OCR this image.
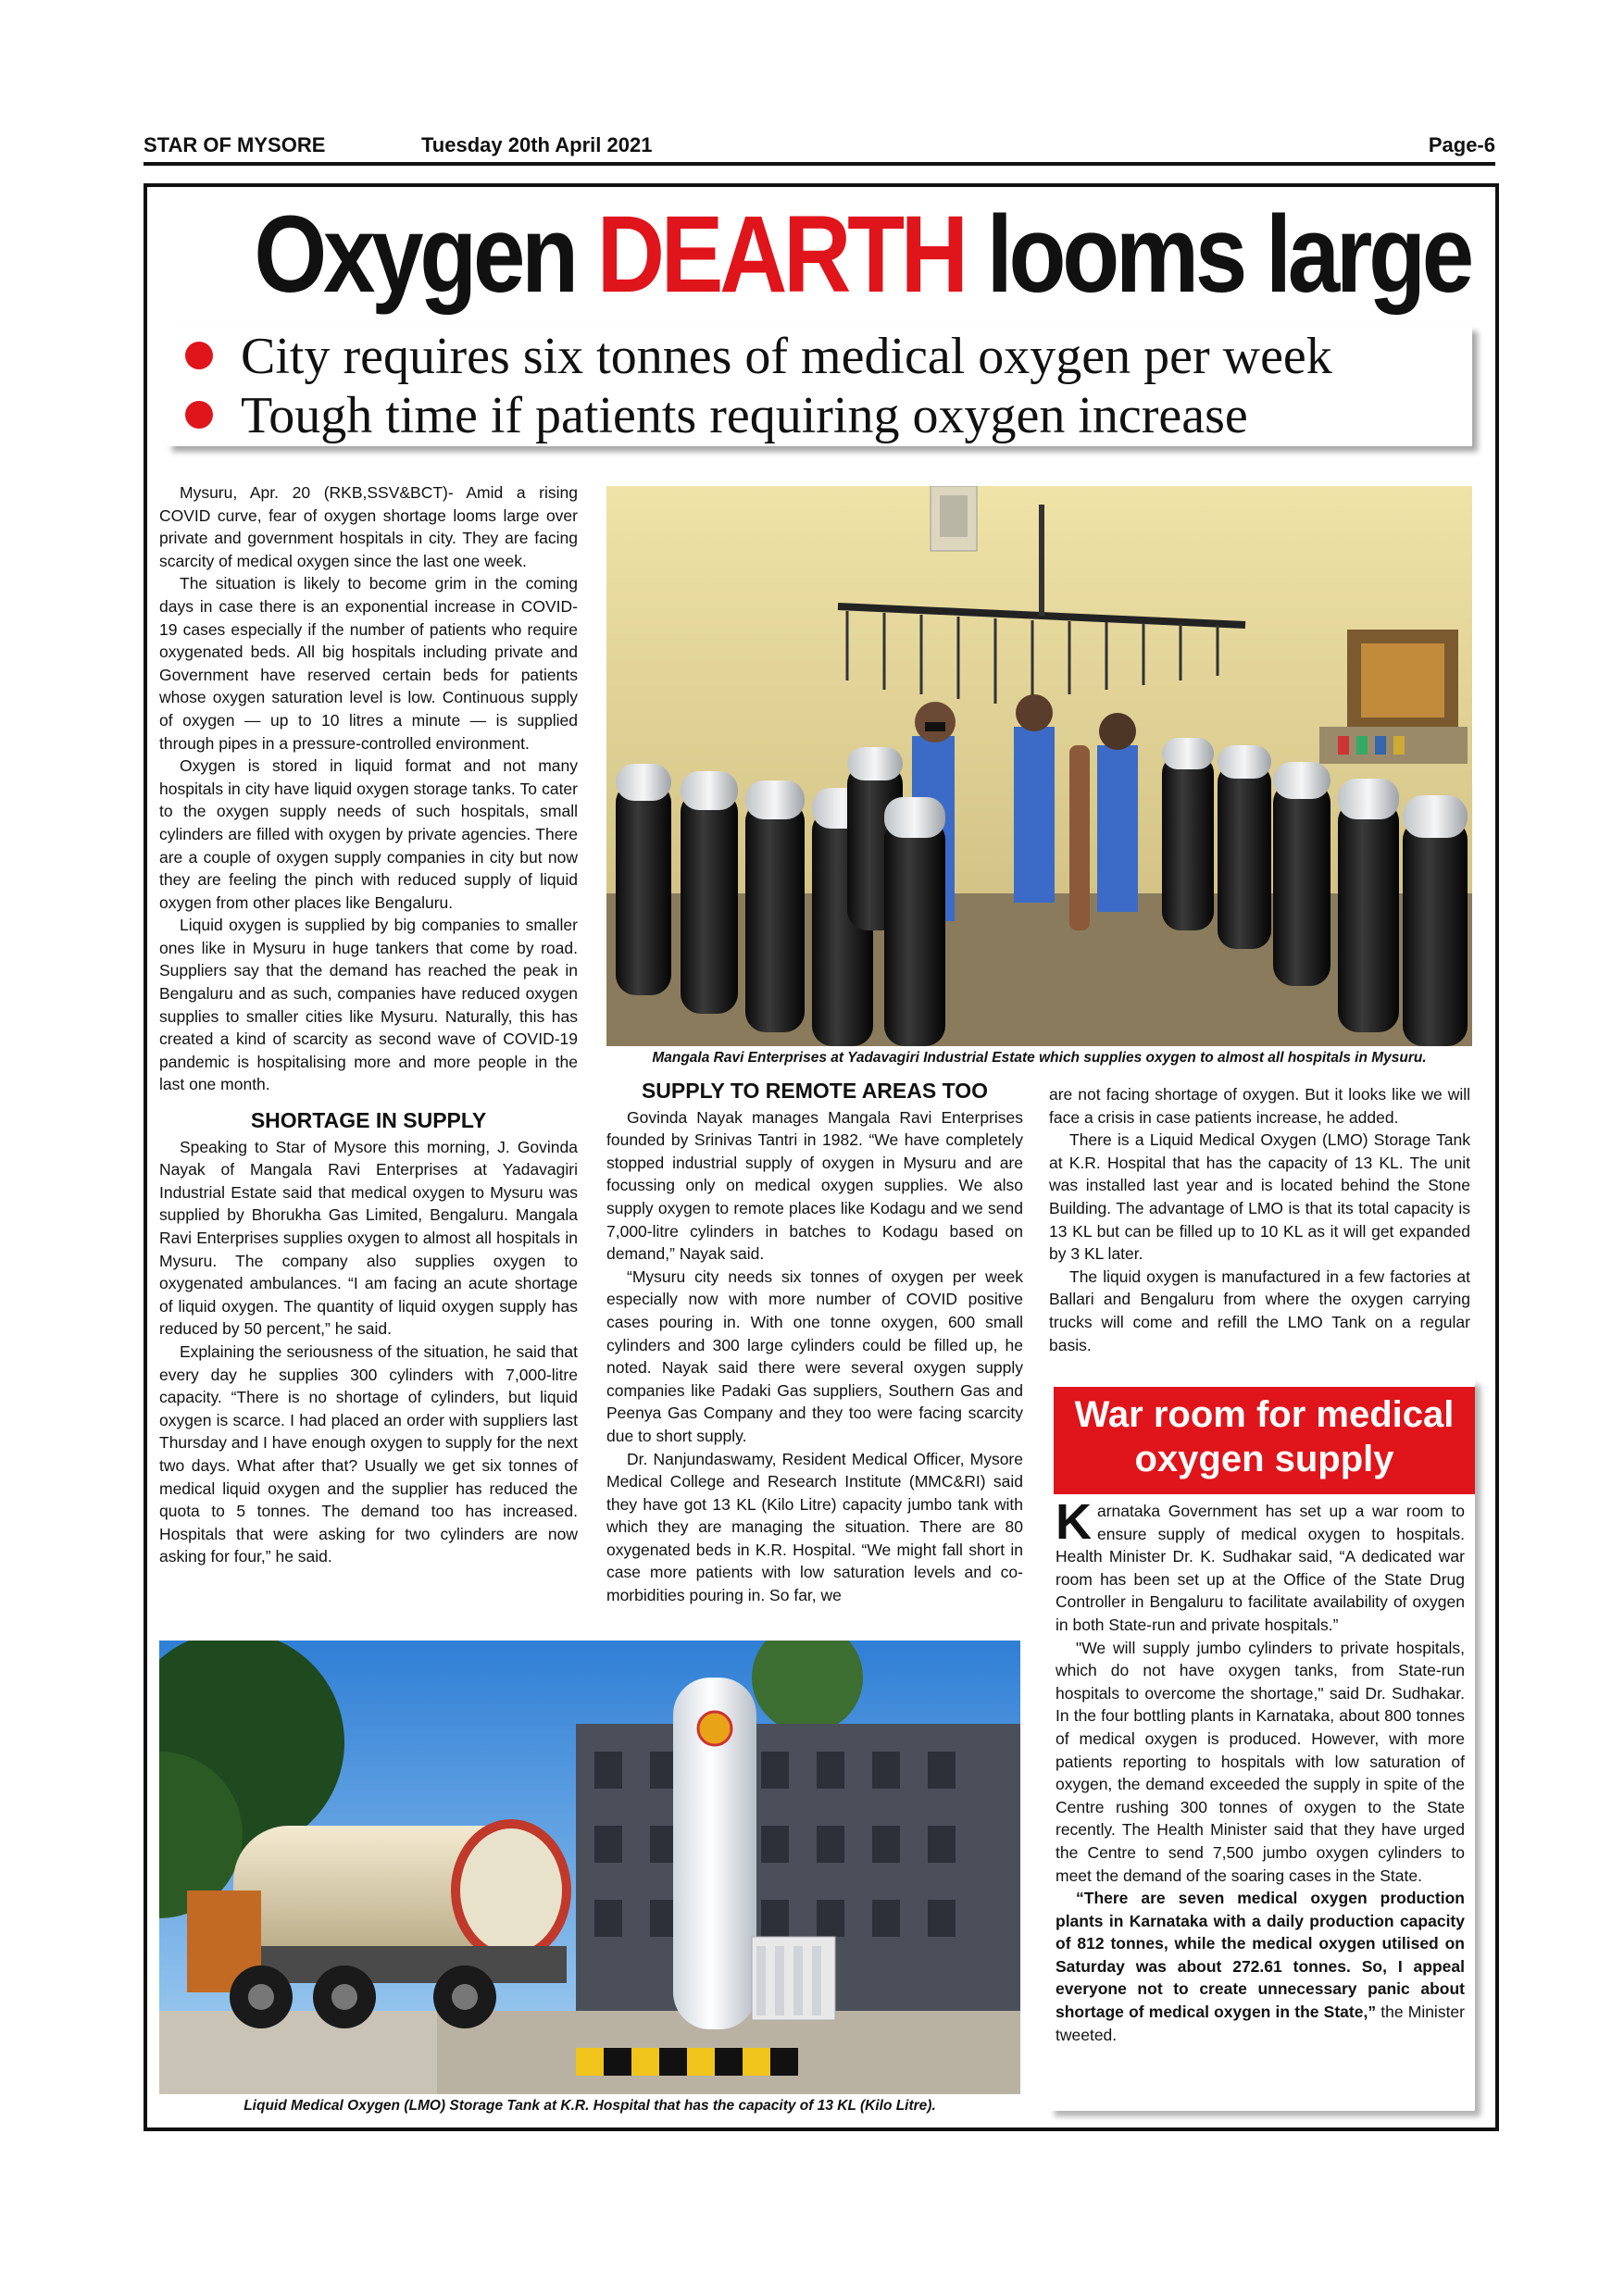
STAR OF MYSORE	Tuesday 20th April 2021	Page-6
Oxygen DEARTH looms large
City requires six tonnes of medical oxygen per week
Tough time if patients requiring oxygen increase

Mysuru, Apr. 20 (RKB,SSV&BCT)- Amid a rising COVID curve, fear of oxygen shortage looms large over private and government hospitals in city. They are facing scarcity of medical oxygen since the last one week.

The situation is likely to become grim in the coming days in case there is an exponential increase in COVID-19 cases especially if the number of patients who require oxygenated beds. All big hospitals including private and Government have reserved certain beds for patients whose oxygen saturation level is low. Continuous supply of oxygen — up to 10 litres a minute — is supplied through pipes in a pressure-controlled environment.

Oxygen is stored in liquid format and not many hospitals in city have liquid oxygen storage tanks. To cater to the oxygen supply needs of such hospitals, small cylinders are filled with oxygen by private agencies. There are a couple of oxygen supply companies in city but now they are feeling the pinch with reduced supply of liquid oxygen from other places like Bengaluru.

Liquid oxygen is supplied by big companies to smaller ones like in Mysuru in huge tankers that come by road. Suppliers say that the demand has reached the peak in Bengaluru and as such, companies have reduced oxygen supplies to smaller cities like Mysuru. Naturally, this has created a kind of scarcity as second wave of COVID-19 pandemic is hospitalising more and more people in the last one month.

SHORTAGE IN SUPPLY

Speaking to Star of Mysore this morning, J. Govinda Nayak of Mangala Ravi Enterprises at Yadavagiri Industrial Estate said that medical oxygen to Mysuru was supplied by Bhorukha Gas Limited, Bengaluru. Mangala Ravi Enterprises supplies oxygen to almost all hospitals in Mysuru. The company also supplies oxygen to oxygenated ambulances. “I am facing an acute shortage of liquid oxygen. The quantity of liquid oxygen supply has reduced by 50 percent,” he said.

Explaining the seriousness of the situation, he said that every day he supplies 300 cylinders with 7,000-litre capacity. “There is no shortage of cylinders, but liquid oxygen is scarce. I had placed an order with suppliers last Thursday and I have enough oxygen to supply for the next two days. What after that? Usually we get six tonnes of medical liquid oxygen and the supplier has reduced the quota to 5 tonnes. The demand too has increased. Hospitals that were asking for two cylinders are now asking for four,” he said.

Mangala Ravi Enterprises at Yadavagiri Industrial Estate which supplies oxygen to almost all hospitals in Mysuru.
SUPPLY TO REMOTE AREAS TOO

Govinda Nayak manages Mangala Ravi Enterprises founded by Srinivas Tantri in 1982. “We have completely stopped industrial supply of oxygen in Mysuru and are focussing only on medical oxygen supplies. We also supply oxygen to remote places like Kodagu and we send 7,000-litre cylinders in batches to Kodagu based on demand,” Nayak said.

“Mysuru city needs six tonnes of oxygen per week especially now with more number of COVID positive cases pouring in. With one tonne oxygen, 600 small cylinders and 300 large cylinders could be filled up, he noted. Nayak said there were several oxygen supply companies like Padaki Gas suppliers, Southern Gas and Peenya Gas Company and they too were facing scarcity due to short supply.

Dr. Nanjundaswamy, Resident Medical Officer, Mysore Medical College and Research Institute (MMC&RI) said they have got 13 KL (Kilo Litre) capacity jumbo tank with which they are managing the situation. There are 80 oxygenated beds in K.R. Hospital. “We might fall short in case more patients with low saturation levels and co-morbidities pouring in. So far, we

are not facing shortage of oxygen. But it looks like we will face a crisis in case patients increase, he added.

There is a Liquid Medical Oxygen (LMO) Storage Tank at K.R. Hospital that has the capacity of 13 KL. The unit was installed last year and is located behind the Stone Building. The advantage of LMO is that its total capacity is 13 KL but can be filled up to 10 KL as it will get expanded by 3 KL later.

The liquid oxygen is manufactured in a few factories at Ballari and Bengaluru from where the oxygen carrying trucks will come and refill the LMO Tank on a regular basis.

War room for medical
oxygen supply

Karnataka Government has set up a war room to ensure supply of medical oxygen to hospitals. Health Minister Dr. K. Sudhakar said, “A dedicated war room has been set up at the Office of the State Drug Controller in Bengaluru to facilitate availability of oxygen in both State-run and private hospitals.”

"We will supply jumbo cylinders to private hospitals, which do not have oxygen tanks, from State-run hospitals to overcome the shortage," said Dr. Sudhakar. In the four bottling plants in Karnataka, about 800 tonnes of medical oxygen is produced. However, with more patients reporting to hospitals with low saturation of oxygen, the demand exceeded the supply in spite of the Centre rushing 300 tonnes of oxygen to the State recently. The Health Minister said that they have urged the Centre to send 7,500 jumbo oxygen cylinders to meet the demand of the soaring cases in the State.

“There are seven medical oxygen production plants in Karnataka with a daily production capacity of 812 tonnes, while the medical oxygen utilised on Saturday was about 272.61 tonnes. So, I appeal everyone not to create unnecessary panic about shortage of medical oxygen in the State,” the Minister tweeted.

Liquid Medical Oxygen (LMO) Storage Tank at K.R. Hospital that has the capacity of 13 KL (Kilo Litre).
